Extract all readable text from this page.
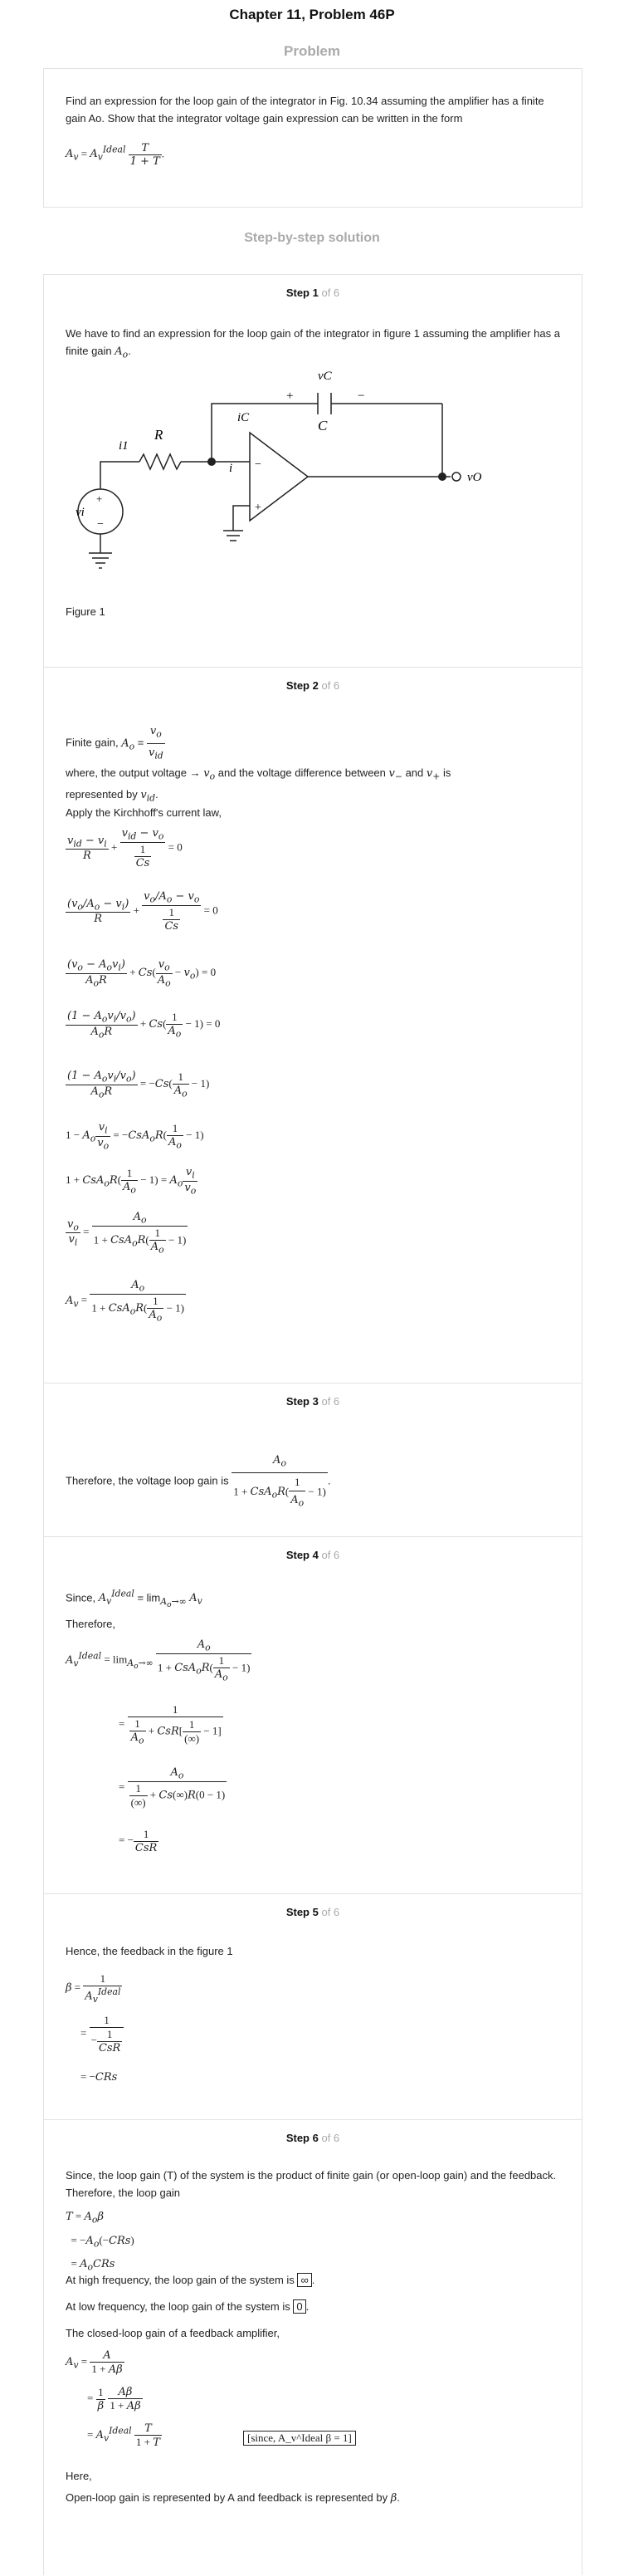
Chapter 11, Problem 46P
Problem
Find an expression for the loop gain of the integrator in Fig. 10.34 assuming the amplifier has a finite gain Ao. Show that the integrator voltage gain expression can be written in the form
$A_v = A_v^{Ideal} \frac{T}{1 + T}$ .
Step-by-step solution
Step 1 of 6
We have to find an expression for the loop gain of the integrator in figure 1 assuming the amplifier has a finite gain $A_o$.
−
+
+
−
vi
i1
R
i
iC
vC
C
+	−
vO
Figure 1
Step 2 of 6
Finite gain, $A_o = \frac{v_o}{v_{id}}$
where, the output voltage → $v_o$ and the voltage difference between $v_-$ and $v_+$ is
represented by $v_{id}$.
Apply the Kirchhoff's current law,
$\frac{v_{id} - v_i}{R} + \frac{v_{id} - v_o}{\frac{1}{Cs}} = 0$
$\frac{(v_o/A_o - v_i)}{R} + \frac{v_o/A_o - v_o}{\frac{1}{Cs}} = 0$
$\frac{(v_o - A_ov_i)}{A_oR} + Cs( \frac{v_o}{A_o} - v_o) = 0$
$\frac{(1 - A_ov_i/v_o)}{A_oR} + Cs( \frac{1}{A_o} - 1) = 0$
$\frac{(1 - A_ov_i/v_o)}{A_oR} = -Cs( \frac{1}{A_o} - 1)$
$1 - A_o \frac{v_i}{v_o} = -CsA_oR( \frac{1}{A_o} - 1)$
$1 + CsA_oR( \frac{1}{A_o} - 1) = A_o \frac{v_i}{v_o}$
$\frac{v_o}{v_i} = \frac{A_o}{1 + CsA_oR( \frac{1}{A_o} - 1)}$
$A_v = \frac{A_o}{1 + CsA_oR( \frac{1}{A_o} - 1)}$
Step 3 of 6
Therefore, the voltage loop gain is $\frac{A_o}{1 + CsA_oR( \frac{1}{A_o} - 1)}$ .
Step 4 of 6
Since, $A_v^{Ideal} = \lim_{A_o\to\infty} A_v$
Therefore,
$A_v^{Ideal} = \lim_{A_o\to\infty} \frac{A_o}{1 + CsA_oR( \frac{1}{A_o} - 1)}$
= $\frac{1}{\frac{1}{A_o} + CsR[ \frac{1}{(\infty)} - 1]}$
= $\frac{A_o}{\frac{1}{(\infty)} + Cs(\infty)R(0 - 1)}$
= − $\frac{1}{\text{CsR}}$
Step 5 of 6
Hence, the feedback in the figure 1
$\beta = \frac{1}{A_v^{Ideal}}$
= $\frac{1}{- \frac{1}{\text{CsR}}}$
= −CRs
Step 6 of 6
Since, the loop gain (T) of the system is the product of finite gain (or open-loop gain) and the feedback. Therefore, the loop gain
$T = A_o\beta$
= $-A_o(-CRs)$
= $A_oCRs$
At high frequency, the loop gain of the system is ∞ .
At low frequency, the loop gain of the system is 0 .
The closed-loop gain of a feedback amplifier,
$A_v = \frac{A}{1 + A\beta}$
= $\frac{1}{\beta}$
$\frac{A\beta}{1 + A\beta}$
= $A_v^{Ideal} \frac{T}{1 + T}$	[since, A_v^Ideal β = 1]
Here,
Open-loop gain is represented by A and feedback is represented by β.
